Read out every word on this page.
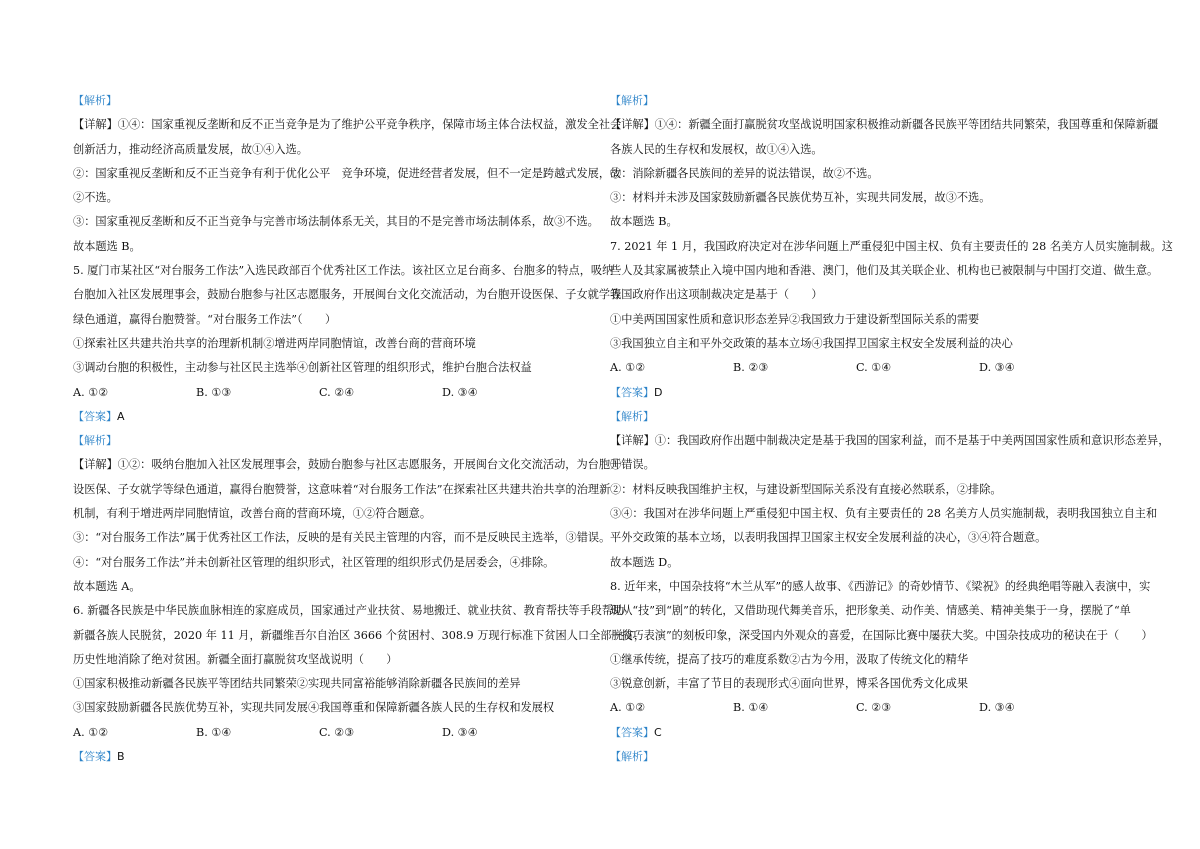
【解析】
【详解】①④：国家重视反垄断和反不正当竞争是为了维护公平竞争秩序，保障市场主体合法权益，激发全社会
创新活力，推动经济高质量发展，故①④入选。
②：国家重视反垄断和反不正当竞争有利于优化公平　竞争环境，促进经营者发展，但不一定是跨越式发展，故
②不选。
③：国家重视反垄断和反不正当竞争与完善市场法制体系无关，其目的不是完善市场法制体系，故③不选。
故本题选 B。
5. 厦门市某社区“对台服务工作法”入选民政部百个优秀社区工作法。该社区立足台商多、台胞多的特点，吸纳
台胞加入社区发展理事会，鼓励台胞参与社区志愿服务，开展闽台文化交流活动，为台胞开设医保、子女就学等
绿色通道，赢得台胞赞誉。“对台服务工作法”（　　）
①探索社区共建共治共享的治理新机制②增进两岸同胞情谊，改善台商的营商环境
③调动台胞的积极性，主动参与社区民主选举④创新社区管理的组织形式，维护台胞合法权益
A. ①②	B. ①③	C. ②④	D. ③④
【答案】A
【解析】
【详解】①②：吸纳台胞加入社区发展理事会，鼓励台胞参与社区志愿服务，开展闽台文化交流活动，为台胞开
设医保、子女就学等绿色通道，赢得台胞赞誉，这意味着“对台服务工作法”在探索社区共建共治共享的治理新
机制，有利于增进两岸同胞情谊，改善台商的营商环境，①②符合题意。
③：“对台服务工作法”属于优秀社区工作法，反映的是有关民主管理的内容，而不是反映民主选举，③错误。
④：“对台服务工作法”并未创新社区管理的组织形式，社区管理的组织形式仍是居委会，④排除。
故本题选 A。
6. 新疆各民族是中华民族血脉相连的家庭成员，国家通过产业扶贫、易地搬迁、就业扶贫、教育帮扶等手段帮助
新疆各族人民脱贫，2020 年 11 月，新疆维吾尔自治区 3666 个贫困村、308.9 万现行标准下贫困人口全部脱贫，
历史性地消除了绝对贫困。新疆全面打赢脱贫攻坚战说明（　　）
①国家积极推动新疆各民族平等团结共同繁荣②实现共同富裕能够消除新疆各民族间的差异
③国家鼓励新疆各民族优势互补，实现共同发展④我国尊重和保障新疆各族人民的生存权和发展权
A. ①②	B. ①④	C. ②③	D. ③④
【答案】B
【解析】
【详解】①④：新疆全面打赢脱贫攻坚战说明国家积极推动新疆各民族平等团结共同繁荣，我国尊重和保障新疆
各族人民的生存权和发展权，故①④入选。
②：消除新疆各民族间的差异的说法错误，故②不选。
③：材料并未涉及国家鼓励新疆各民族优势互补，实现共同发展，故③不选。
故本题选 B。
7. 2021 年 1 月，我国政府决定对在涉华问题上严重侵犯中国主权、负有主要责任的 28 名美方人员实施制裁。这
些人及其家属被禁止入境中国内地和香港、澳门，他们及其关联企业、机构也已被限制与中国打交道、做生意。
我国政府作出这项制裁决定是基于（　　）
①中美两国国家性质和意识形态差异②我国致力于建设新型国际关系的需要
③我国独立自主和平外交政策的基本立场④我国捍卫国家主权安全发展利益的决心
A. ①②	B. ②③	C. ①④	D. ③④
【答案】D
【解析】
【详解】①：我国政府作出题中制裁决定是基于我国的国家利益，而不是基于中美两国国家性质和意识形态差异，
①错误。
②：材料反映我国维护主权，与建设新型国际关系没有直接必然联系，②排除。
③④：我国对在涉华问题上严重侵犯中国主权、负有主要责任的 28 名美方人员实施制裁，表明我国独立自主和
平外交政策的基本立场，以表明我国捍卫国家主权安全发展利益的决心，③④符合题意。
故本题选 D。
8. 近年来，中国杂技将“木兰从军”的感人故事、《西游记》的奇妙情节、《梁祝》的经典绝唱等融入表演中，实
现从“技”到“剧”的转化，又借助现代舞美音乐，把形象美、动作美、情感美、精神美集于一身，摆脱了“单
一技巧表演”的刻板印象，深受国内外观众的喜爱，在国际比赛中屡获大奖。中国杂技成功的秘诀在于（　　）
①继承传统，提高了技巧的难度系数②古为今用，汲取了传统文化的精华
③锐意创新，丰富了节目的表现形式④面向世界，博采各国优秀文化成果
A. ①②	B. ①④	C. ②③	D. ③④
【答案】C
【解析】
